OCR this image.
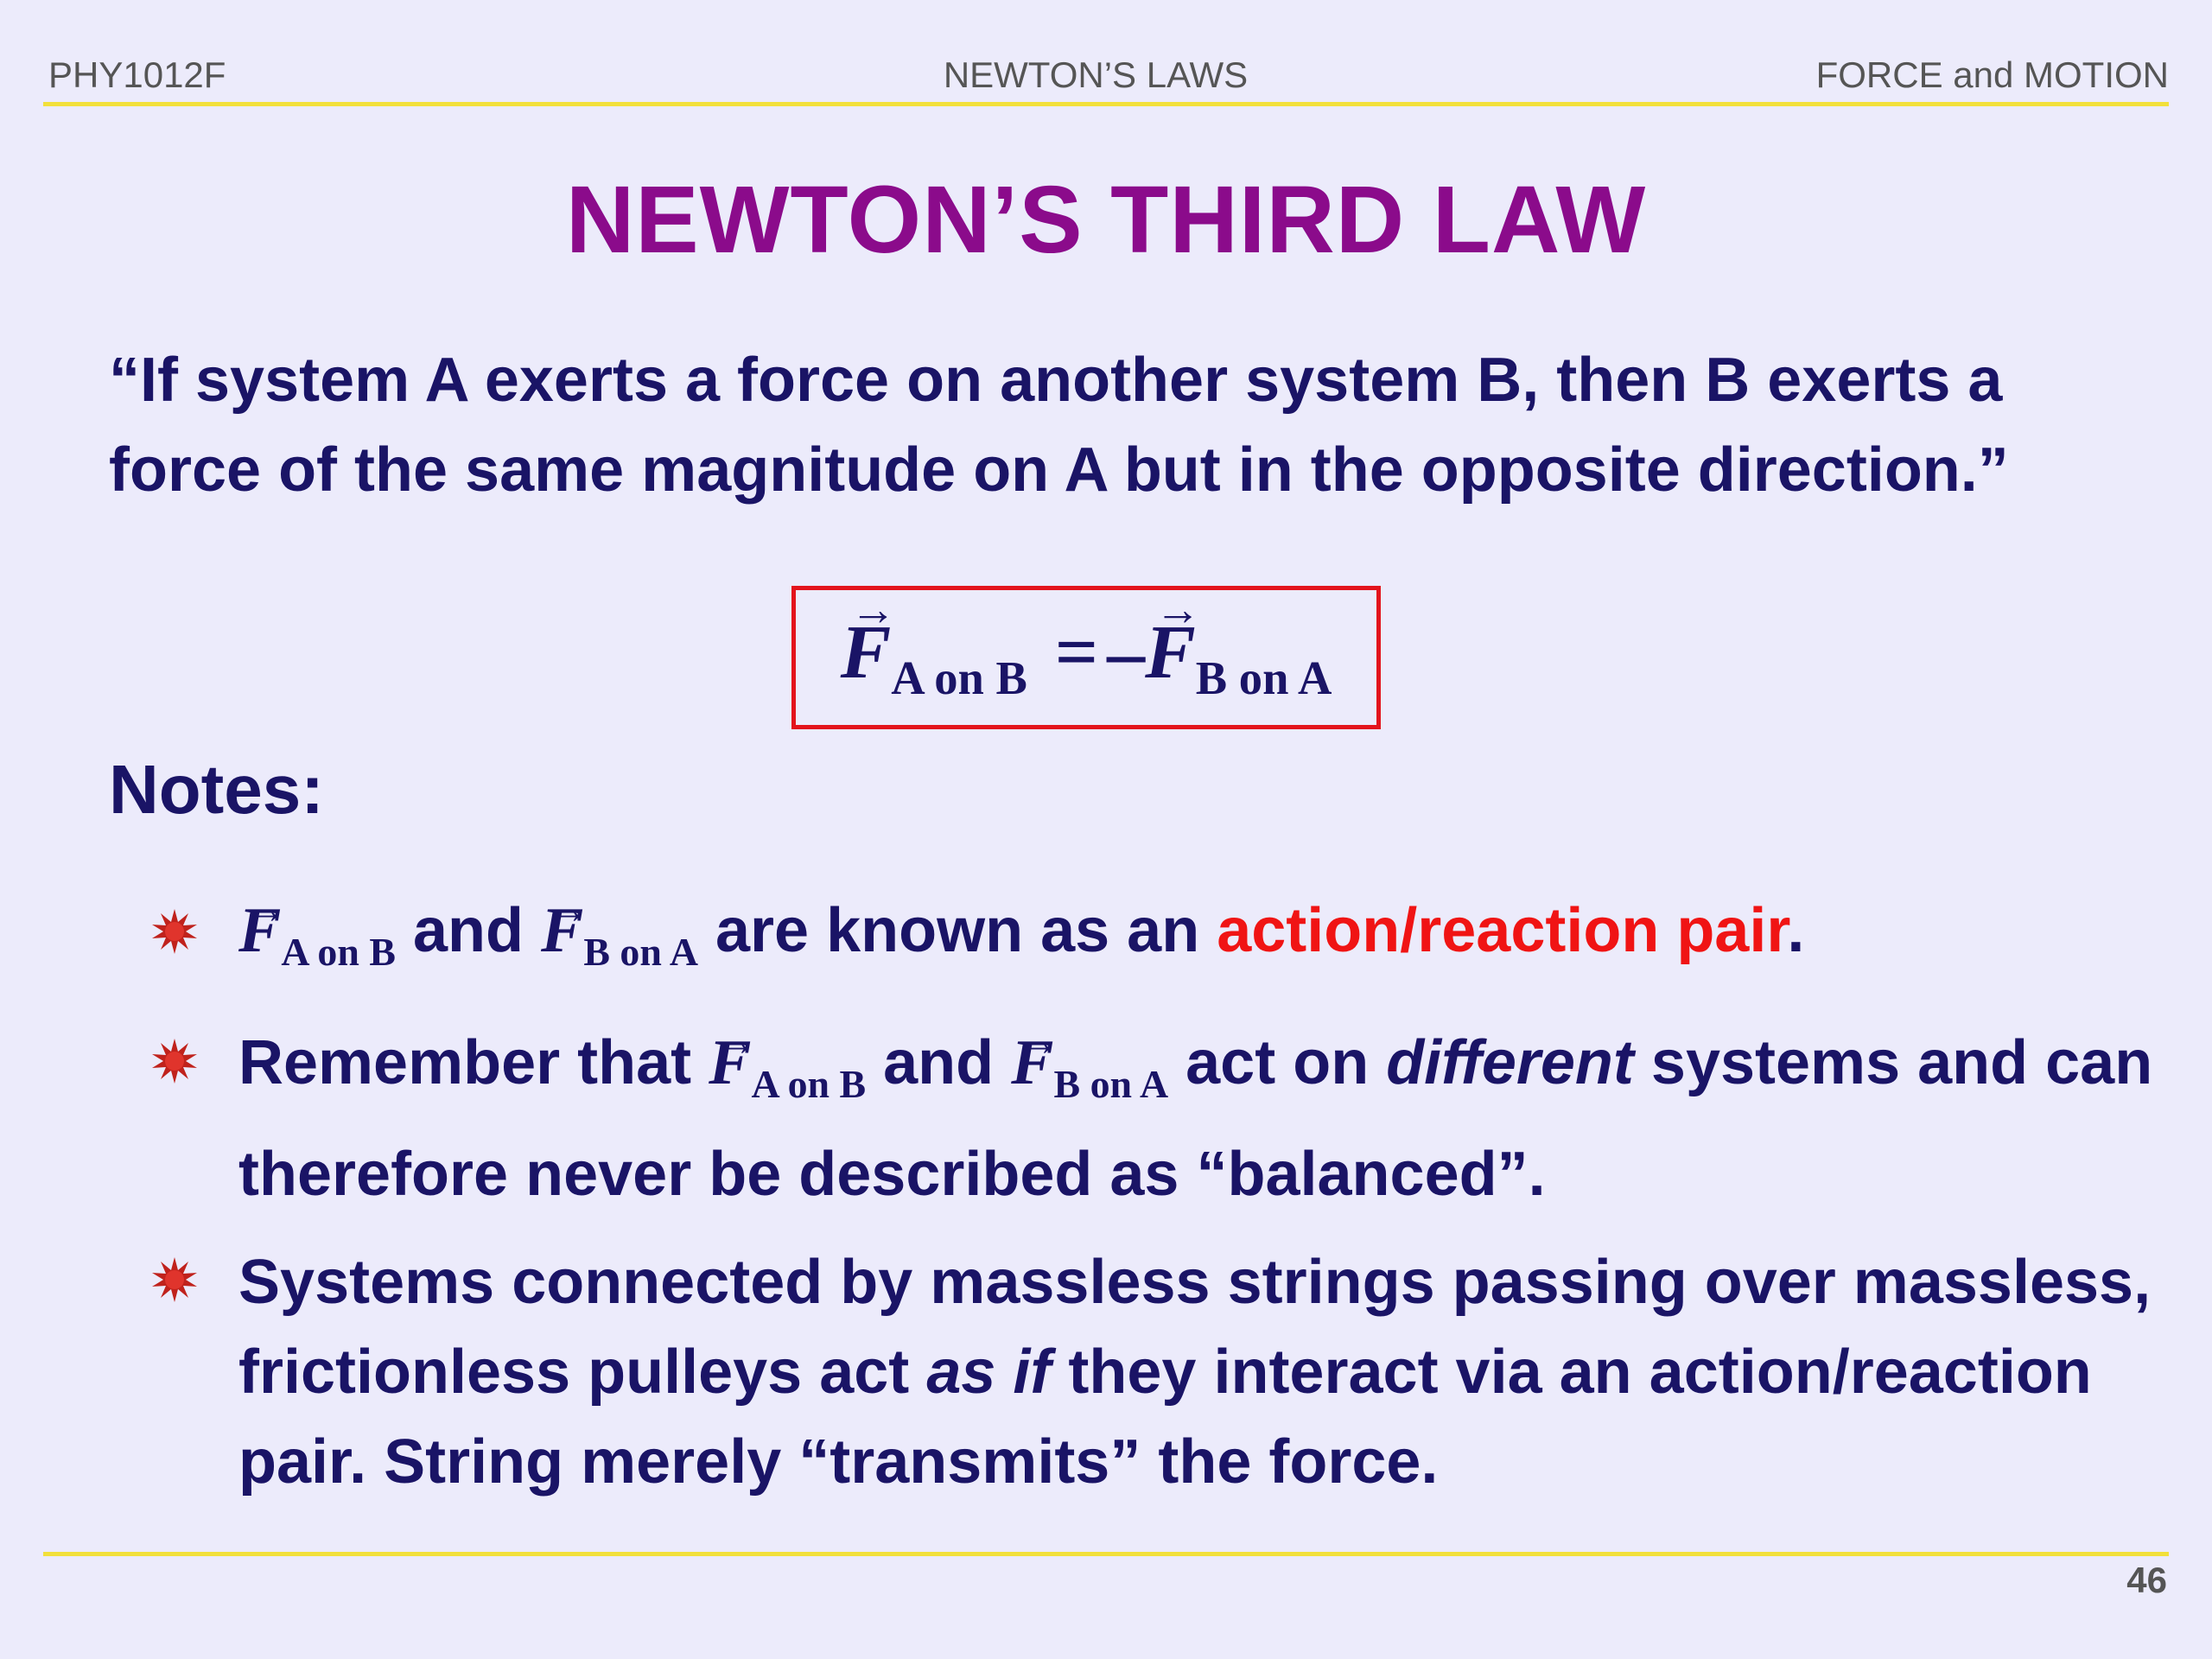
PHY1012F	NEWTON’S LAWS	FORCE and MOTION
NEWTON’S THIRD LAW
“If system A exerts a force on another system B, then B exerts a force of the same magnitude on A but in the opposite direction.”
→ $F_{A on B}$ = –→ $F_{B on A}$
Notes:
→ $F_{A on B}$ and → $F_{B on A}$ are known as an action/reaction pair.
Remember that → $F_{A on B}$ and → $F_{B on A}$ act on different systems and can therefore never be described as “balanced”.
Systems connected by massless strings passing over massless, frictionless pulleys act as if they interact via an action/reaction pair. String merely “transmits” the force.
46
